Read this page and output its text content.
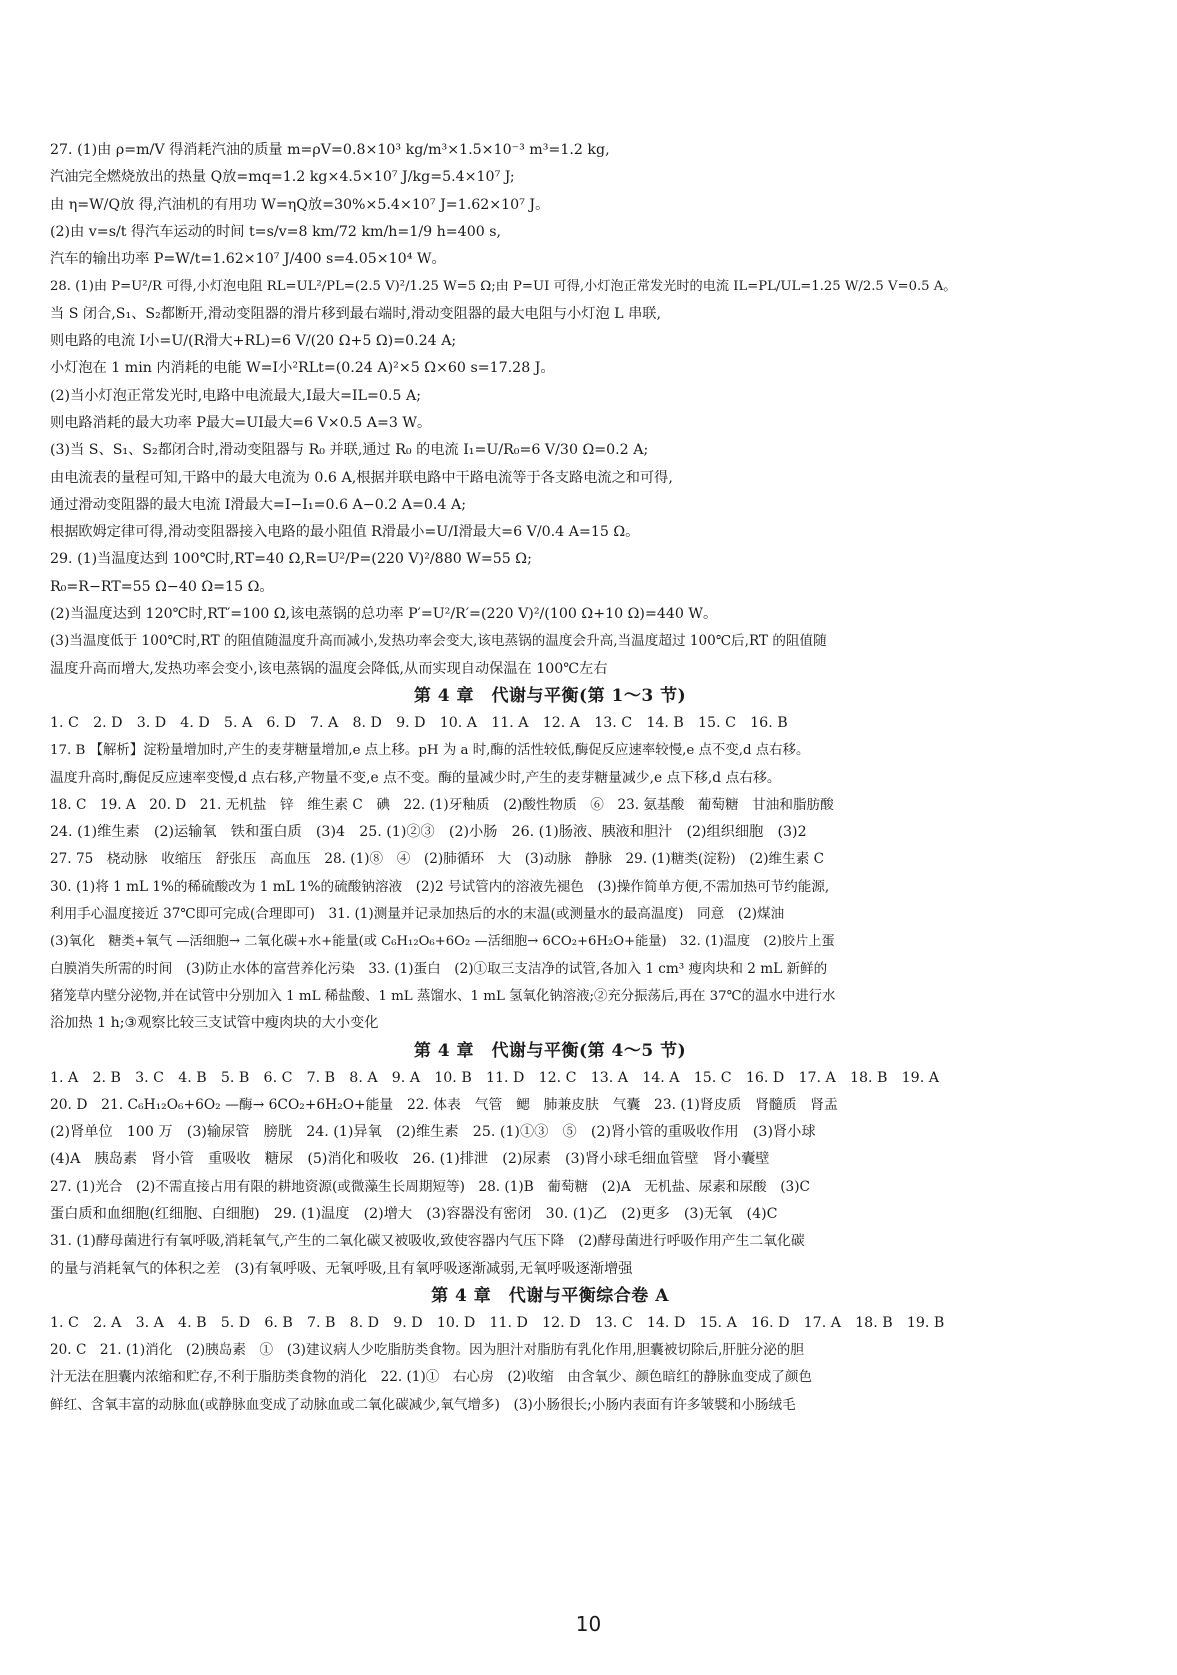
27. (1)由 ρ=m/V 得消耗汽油的质量 m=ρV=0.8×10³ kg/m³×1.5×10⁻³ m³=1.2 kg,
汽油完全燃烧放出的热量 Q放=mq=1.2 kg×4.5×10⁷ J/kg=5.4×10⁷ J;
由 η=W/Q放 得,汽油机的有用功 W=ηQ放=30%×5.4×10⁷ J=1.62×10⁷ J。
(2)由 v=s/t 得汽车运动的时间 t=s/v=8 km/72 km/h=1/9 h=400 s,
汽车的输出功率 P=W/t=1.62×10⁷ J/400 s=4.05×10⁴ W。
28. (1)由 P=U²/R 可得,小灯泡电阻 RL=UL²/PL=(2.5 V)²/1.25 W=5 Ω;由 P=UI 可得,小灯泡正常发光时的电流 IL=PL/UL=1.25 W/2.5 V=0.5 A。
当 S 闭合,S₁、S₂都断开,滑动变阻器的滑片移到最右端时,滑动变阻器的最大电阻与小灯泡 L 串联,
则电路的电流 I小=U/(R滑大+RL)=6 V/(20 Ω+5 Ω)=0.24 A;
小灯泡在 1 min 内消耗的电能 W=I小²RLt=(0.24 A)²×5 Ω×60 s=17.28 J。
(2)当小灯泡正常发光时,电路中电流最大,I最大=IL=0.5 A;
则电路消耗的最大功率 P最大=UI最大=6 V×0.5 A=3 W。
(3)当 S、S₁、S₂都闭合时,滑动变阻器与 R₀ 并联,通过 R₀ 的电流 I₁=U/R₀=6 V/30 Ω=0.2 A;
由电流表的量程可知,干路中的最大电流为 0.6 A,根据并联电路中干路电流等于各支路电流之和可得,
通过滑动变阻器的最大电流 I滑最大=I−I₁=0.6 A−0.2 A=0.4 A;
根据欧姆定律可得,滑动变阻器接入电路的最小阻值 R滑最小=U/I滑最大=6 V/0.4 A=15 Ω。
29. (1)当温度达到 100℃时,RT=40 Ω,R=U²/P=(220 V)²/880 W=55 Ω;
R₀=R−RT=55 Ω−40 Ω=15 Ω。
(2)当温度达到 120℃时,RT′=100 Ω,该电蒸锅的总功率 P′=U²/R′=(220 V)²/(100 Ω+10 Ω)=440 W。
(3)当温度低于 100℃时,RT 的阻值随温度升高而减小,发热功率会变大,该电蒸锅的温度会升高,当温度超过 100℃后,RT 的阻值随
温度升高而增大,发热功率会变小,该电蒸锅的温度会降低,从而实现自动保温在 100℃左右
第 4 章　代谢与平衡(第 1～3 节)
1. C　2. D　3. D　4. D　5. A　6. D　7. A　8. D　9. D　10. A　11. A　12. A　13. C　14. B　15. C　16. B
17. B 【解析】淀粉量增加时,产生的麦芽糖量增加,e 点上移。pH 为 a 时,酶的活性较低,酶促反应速率较慢,e 点不变,d 点右移。
温度升高时,酶促反应速率变慢,d 点右移,产物量不变,e 点不变。酶的量减少时,产生的麦芽糖量减少,e 点下移,d 点右移。
18. C　19. A　20. D　21. 无机盐　锌　维生素 C　碘　22. (1)牙釉质　(2)酸性物质　⑥　23. 氨基酸　葡萄糖　甘油和脂肪酸
24. (1)维生素　(2)运输氧　铁和蛋白质　(3)4　25. (1)②③　(2)小肠　26. (1)肠液、胰液和胆汁　(2)组织细胞　(3)2
27. 75　桡动脉　收缩压　舒张压　高血压　28. (1)⑧　④　(2)肺循环　大　(3)动脉　静脉　29. (1)糖类(淀粉)　(2)维生素 C
30. (1)将 1 mL 1%的稀硫酸改为 1 mL 1%的硫酸钠溶液　(2)2 号试管内的溶液先褪色　(3)操作简单方便,不需加热可节约能源,
利用手心温度接近 37℃即可完成(合理即可)　31. (1)测量并记录加热后的水的末温(或测量水的最高温度)　同意　(2)煤油
(3)氧化　糖类+氧气 —活细胞→ 二氧化碳+水+能量(或 C₆H₁₂O₆+6O₂ —活细胞→ 6CO₂+6H₂O+能量)　32. (1)温度　(2)胶片上蛋
白膜消失所需的时间　(3)防止水体的富营养化污染　33. (1)蛋白　(2)①取三支洁净的试管,各加入 1 cm³ 瘦肉块和 2 mL 新鲜的
猪笼草内壁分泌物,并在试管中分别加入 1 mL 稀盐酸、1 mL 蒸馏水、1 mL 氢氧化钠溶液;②充分振荡后,再在 37℃的温水中进行水
浴加热 1 h;③观察比较三支试管中瘦肉块的大小变化
第 4 章　代谢与平衡(第 4～5 节)
1. A　2. B　3. C　4. B　5. B　6. C　7. B　8. A　9. A　10. B　11. D　12. C　13. A　14. A　15. C　16. D　17. A　18. B　19. A
20. D　21. C₆H₁₂O₆+6O₂ —酶→ 6CO₂+6H₂O+能量　22. 体表　气管　鳃　肺兼皮肤　气囊　23. (1)肾皮质　肾髓质　肾盂
(2)肾单位　100 万　(3)输尿管　膀胱　24. (1)异氧　(2)维生素　25. (1)①③　⑤　(2)肾小管的重吸收作用　(3)肾小球
(4)A　胰岛素　肾小管　重吸收　糖尿　(5)消化和吸收　26. (1)排泄　(2)尿素　(3)肾小球毛细血管壁　肾小囊壁
27. (1)光合　(2)不需直接占用有限的耕地资源(或微藻生长周期短等)　28. (1)B　葡萄糖　(2)A　无机盐、尿素和尿酸　(3)C
蛋白质和血细胞(红细胞、白细胞)　29. (1)温度　(2)增大　(3)容器没有密闭　30. (1)乙　(2)更多　(3)无氧　(4)C
31. (1)酵母菌进行有氧呼吸,消耗氧气,产生的二氧化碳又被吸收,致使容器内气压下降　(2)酵母菌进行呼吸作用产生二氧化碳
的量与消耗氧气的体积之差　(3)有氧呼吸、无氧呼吸,且有氧呼吸逐渐减弱,无氧呼吸逐渐增强
第 4 章　代谢与平衡综合卷 A
1. C　2. A　3. A　4. B　5. D　6. B　7. B　8. D　9. D　10. D　11. D　12. D　13. C　14. D　15. A　16. D　17. A　18. B　19. B
20. C　21. (1)消化　(2)胰岛素　①　(3)建议病人少吃脂肪类食物。因为胆汁对脂肪有乳化作用,胆囊被切除后,肝脏分泌的胆
汁无法在胆囊内浓缩和贮存,不利于脂肪类食物的消化　22. (1)①　右心房　(2)收缩　由含氧少、颜色暗红的静脉血变成了颜色
鲜红、含氧丰富的动脉血(或静脉血变成了动脉血或二氧化碳减少,氧气增多)　(3)小肠很长;小肠内表面有许多皱襞和小肠绒毛
10
